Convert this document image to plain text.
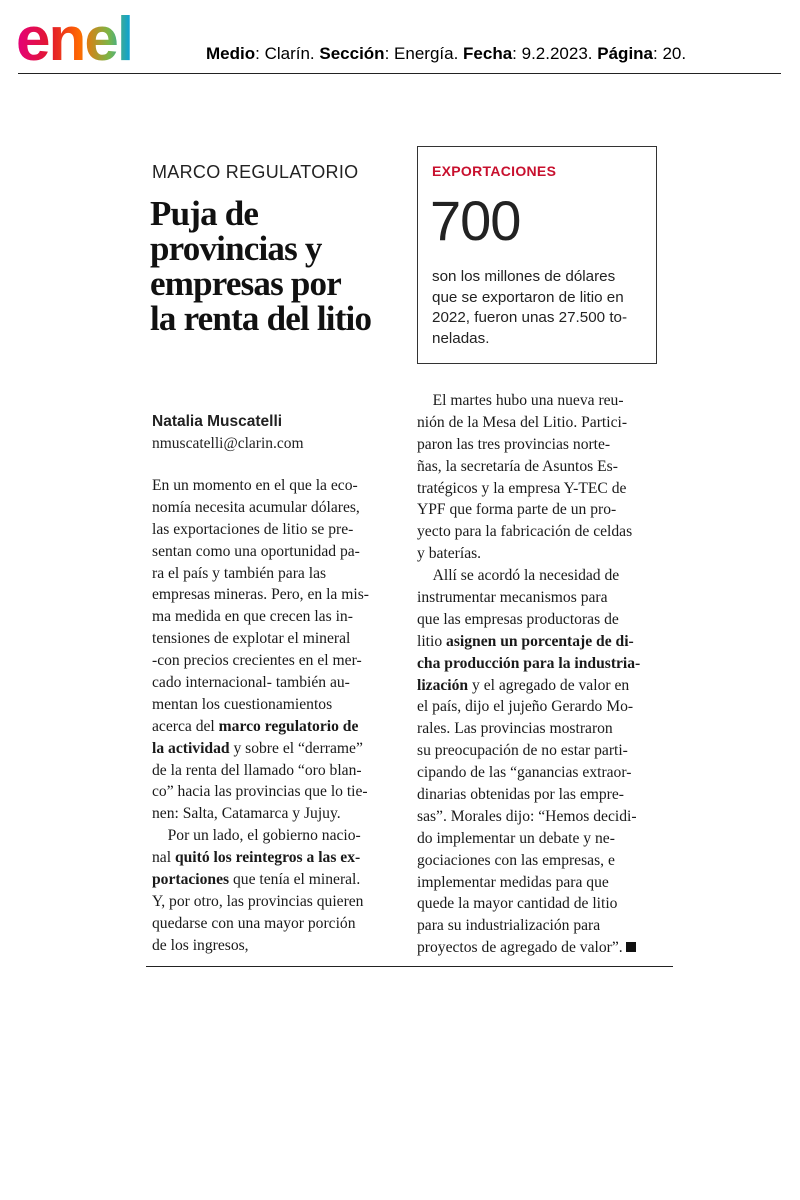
enel	Medio: Clarín. Sección: Energía. Fecha: 9.2.2023. Página: 20.
MARCO REGULATORIO
Puja de
provincias y
empresas por
la renta del litio
EXPORTACIONES
700
son los millones de dólares
que se exportaron de litio en
2022, fueron unas 27.500 to-
neladas.
Natalia Muscatelli
nmuscatelli@clarin.com
En un momento en el que la eco-
nomía necesita acumular dólares,
las exportaciones de litio se pre-
sentan como una oportunidad pa-
ra el país y también para las
empresas mineras. Pero, en la mis-
ma medida en que crecen las in-
tensiones de explotar el mineral
-con precios crecientes en el mer-
cado internacional- también au-
mentan los cuestionamientos
acerca del marco regulatorio de
la actividad y sobre el “derrame”
de la renta del llamado “oro blan-
co” hacia las provincias que lo tie-
nen: Salta, Catamarca y Jujuy.
 Por un lado, el gobierno nacio-
nal quitó los reintegros a las ex-
portaciones que tenía el mineral.
Y, por otro, las provincias quieren
quedarse con una mayor porción
de los ingresos,
 El martes hubo una nueva reu-
nión de la Mesa del Litio. Partici-
paron las tres provincias norte-
ñas, la secretaría de Asuntos Es-
tratégicos y la empresa Y-TEC de
YPF que forma parte de un pro-
yecto para la fabricación de celdas
y baterías.
 Allí se acordó la necesidad de
instrumentar mecanismos para
que las empresas productoras de
litio asignen un porcentaje de di-
cha producción para la industria-
lización y el agregado de valor en
el país, dijo el jujeño Gerardo Mo-
rales. Las provincias mostraron
su preocupación de no estar parti-
cipando de las “ganancias extraor-
dinarias obtenidas por las empre-
sas”. Morales dijo: “Hemos decidi-
do implementar un debate y ne-
gociaciones con las empresas, e
implementar medidas para que
quede la mayor cantidad de litio
para su industrialización para
proyectos de agregado de valor”.
